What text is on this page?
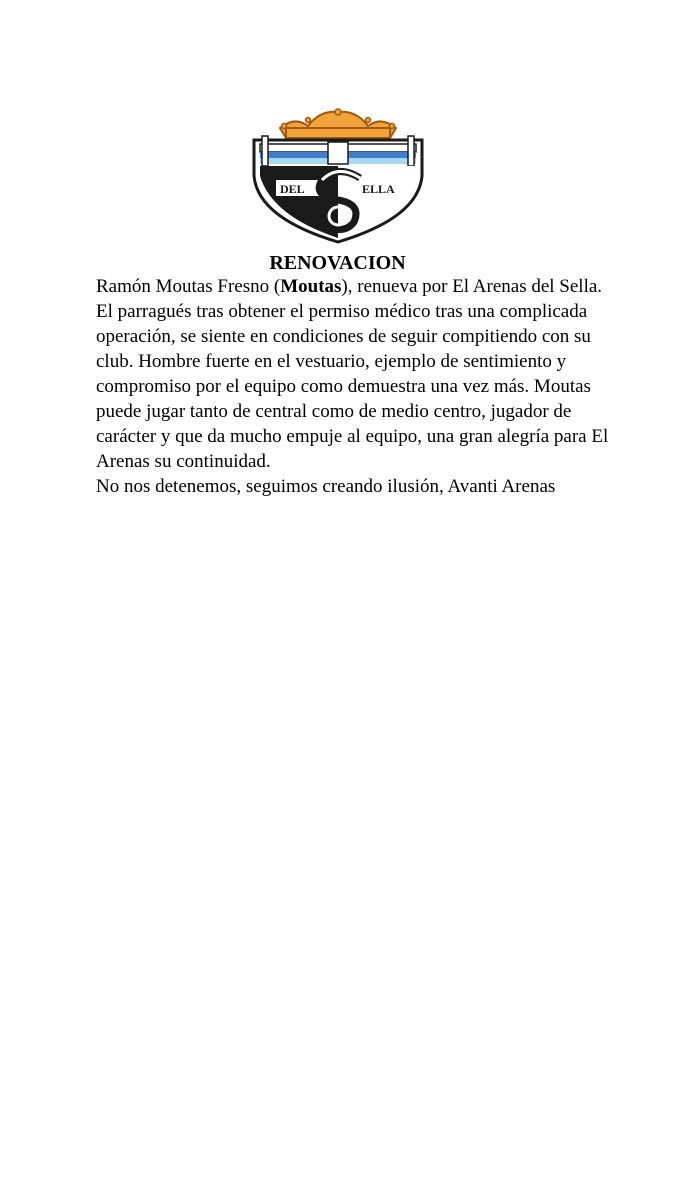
DEL	ELLA
RENOVACION

Ramón Moutas Fresno (Moutas), renueva por El Arenas del Sella. El parragués tras obtener el permiso médico tras una complicada operación, se siente en condiciones de seguir compitiendo con su club. Hombre fuerte en el vestuario, ejemplo de sentimiento y compromiso por el equipo como demuestra una vez más. Moutas puede jugar tanto de central como de medio centro, jugador de carácter y que da mucho empuje al equipo, una gran alegría para El Arenas su continuidad.

No nos detenemos, seguimos creando ilusión, Avanti Arenas
